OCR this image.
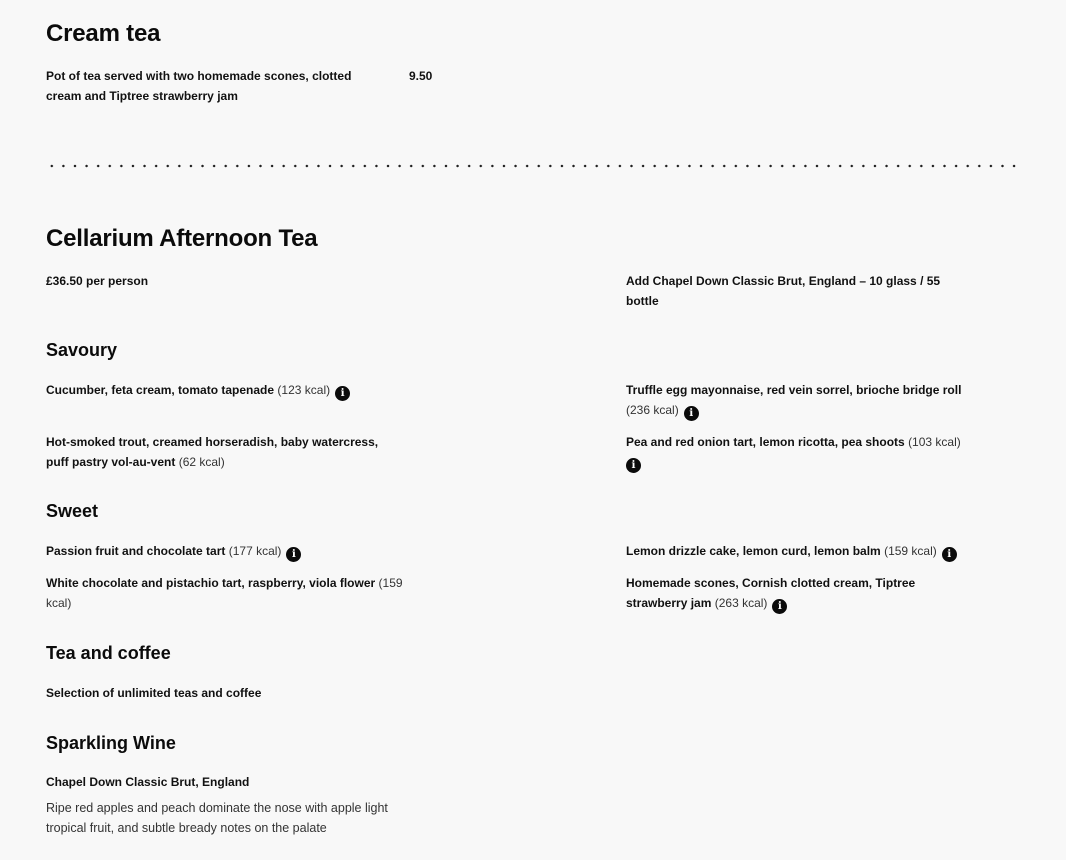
Cream tea
Pot of tea served with two homemade scones, clotted cream and Tiptree strawberry jam
9.50
Cellarium Afternoon Tea
£36.50 per person	Add Chapel Down Classic Brut, England – 10 glass / 55 bottle
Savoury
Cucumber, feta cream, tomato tapenade (123 kcal) i	Truffle egg mayonnaise, red vein sorrel, brioche bridge roll (236 kcal) i
Hot-smoked trout, creamed horseradish, baby watercress, puff pastry vol-au-vent (62 kcal)
Pea and red onion tart, lemon ricotta, pea shoots (103 kcal)
i
Sweet
Passion fruit and chocolate tart (177 kcal) i	Lemon drizzle cake, lemon curd, lemon balm (159 kcal) i
White chocolate and pistachio tart, raspberry, viola flower (159 kcal)
Homemade scones, Cornish clotted cream, Tiptree strawberry jam (263 kcal) i
Tea and coffee
Selection of unlimited teas and coffee
Sparkling Wine
Chapel Down Classic Brut, England
Ripe red apples and peach dominate the nose with apple light tropical fruit, and subtle bready notes on the palate
